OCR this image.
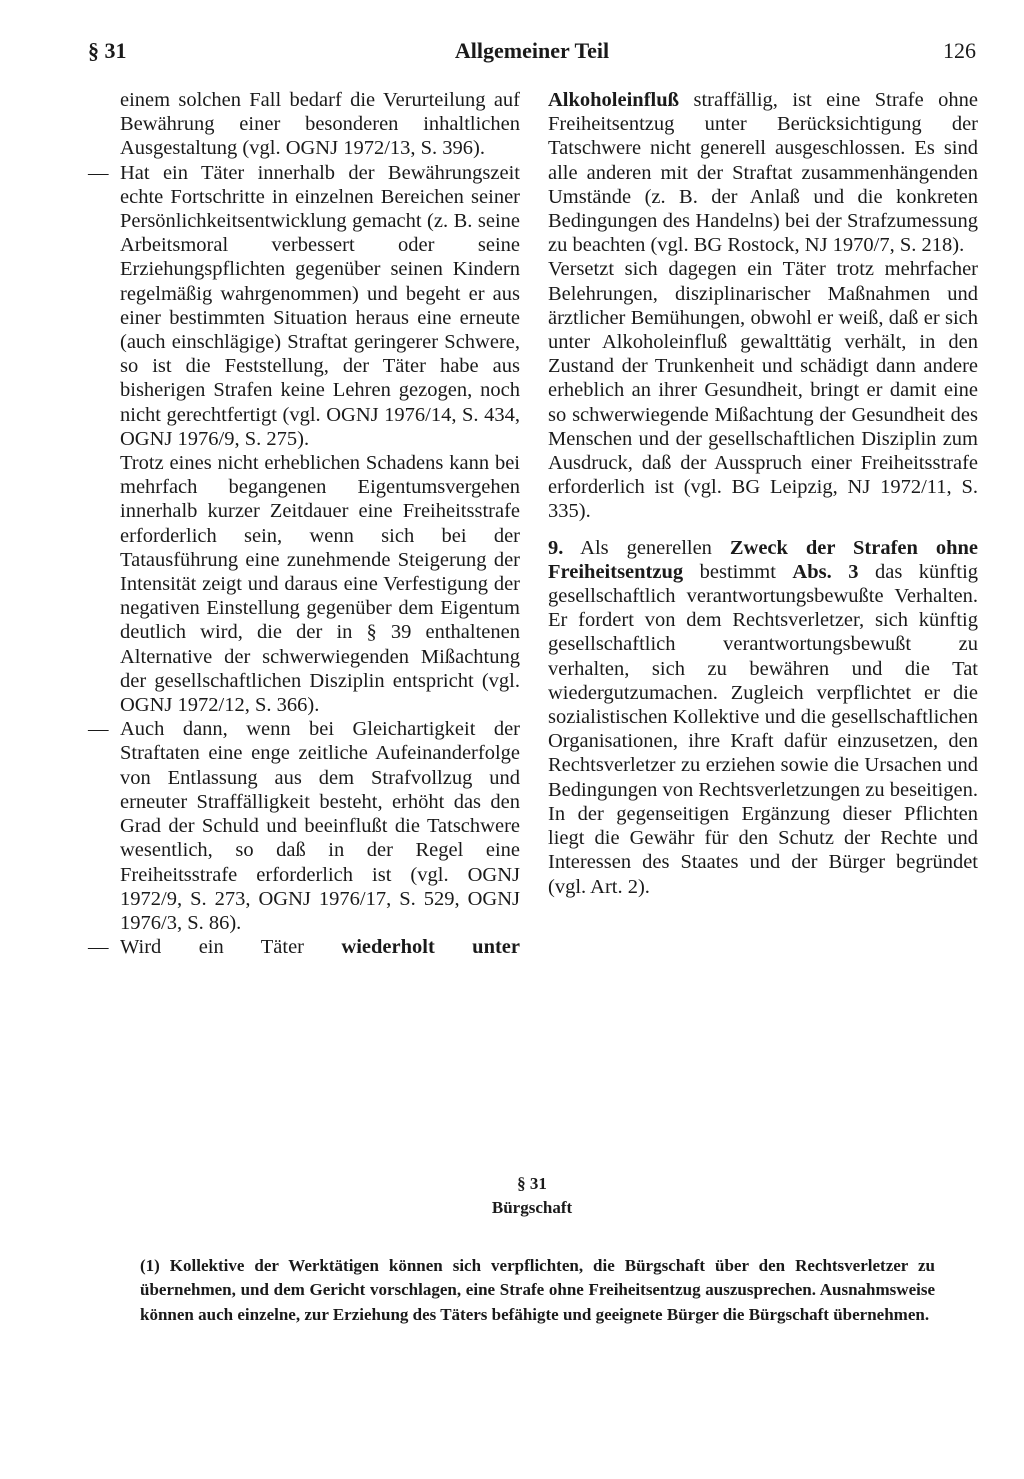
§ 31	Allgemeiner Teil	126

einem solchen Fall bedarf die Verurteilung auf Bewährung einer besonderen inhaltlichen Ausgestaltung (vgl. OGNJ 1972/13, S. 396).

— Hat ein Täter innerhalb der Bewährungszeit echte Fortschritte in einzelnen Bereichen seiner Persönlichkeitsentwicklung gemacht (z. B. seine Arbeitsmoral verbessert oder seine Erziehungspflichten gegenüber seinen Kindern regelmäßig wahrgenommen) und begeht er aus einer bestimmten Situation heraus eine erneute (auch einschlägige) Straftat geringerer Schwere, so ist die Feststellung, der Täter habe aus bisherigen Strafen keine Lehren gezogen, noch nicht gerechtfertigt (vgl. OGNJ 1976/14, S. 434, OGNJ 1976/9, S. 275).

Trotz eines nicht erheblichen Schadens kann bei mehrfach begangenen Eigentumsvergehen innerhalb kurzer Zeitdauer eine Freiheitsstrafe erforderlich sein, wenn sich bei der Tatausführung eine zunehmende Steigerung der Intensität zeigt und daraus eine Verfestigung der negativen Einstellung gegenüber dem Eigentum deutlich wird, die der in § 39 enthaltenen Alternative der schwerwiegenden Mißachtung der gesellschaftlichen Disziplin entspricht (vgl. OGNJ 1972/12, S. 366).

— Auch dann, wenn bei Gleichartigkeit der Straftaten eine enge zeitliche Aufeinanderfolge von Entlassung aus dem Strafvollzug und erneuter Straffälligkeit besteht, erhöht das den Grad der Schuld und beeinflußt die Tatschwere wesentlich, so daß in der Regel eine Freiheitsstrafe erforderlich ist (vgl. OGNJ 1972/9, S. 273, OGNJ 1976/17, S. 529, OGNJ 1976/3, S. 86).

— Wird ein Täter wiederholt unter

Alkoholeinfluß straffällig, ist eine Strafe ohne Freiheitsentzug unter Berücksichtigung der Tatschwere nicht generell ausgeschlossen. Es sind alle anderen mit der Straftat zusammenhängenden Umstände (z. B. der Anlaß und die konkreten Bedingungen des Handelns) bei der Strafzumessung zu beachten (vgl. BG Rostock, NJ 1970/7, S. 218).

Versetzt sich dagegen ein Täter trotz mehrfacher Belehrungen, disziplinarischer Maßnahmen und ärztlicher Bemühungen, obwohl er weiß, daß er sich unter Alkoholeinfluß gewalttätig verhält, in den Zustand der Trunkenheit und schädigt dann andere erheblich an ihrer Gesundheit, bringt er damit eine so schwerwiegende Mißachtung der Gesundheit des Menschen und der gesellschaftlichen Disziplin zum Ausdruck, daß der Ausspruch einer Freiheitsstrafe erforderlich ist (vgl. BG Leipzig, NJ 1972/11, S. 335).

9. Als generellen Zweck der Strafen ohne Freiheitsentzug bestimmt Abs. 3 das künftig gesellschaftlich verantwortungsbewußte Verhalten. Er fordert von dem Rechtsverletzer, sich künftig gesellschaftlich verantwortungsbewußt zu verhalten, sich zu bewähren und die Tat wiedergutzumachen. Zugleich verpflichtet er die sozialistischen Kollektive und die gesellschaftlichen Organisationen, ihre Kraft dafür einzusetzen, den Rechtsverletzer zu erziehen sowie die Ursachen und Bedingungen von Rechtsverletzungen zu beseitigen. In der gegenseitigen Ergänzung dieser Pflichten liegt die Gewähr für den Schutz der Rechte und Interessen des Staates und der Bürger begründet (vgl. Art. 2).

§ 31
Bürgschaft

(1) Kollektive der Werktätigen können sich verpflichten, die Bürgschaft über den Rechtsverletzer zu übernehmen, und dem Gericht vorschlagen, eine Strafe ohne Freiheitsentzug auszusprechen. Ausnahmsweise können auch einzelne, zur Erziehung des Täters befähigte und geeignete Bürger die Bürgschaft übernehmen.
